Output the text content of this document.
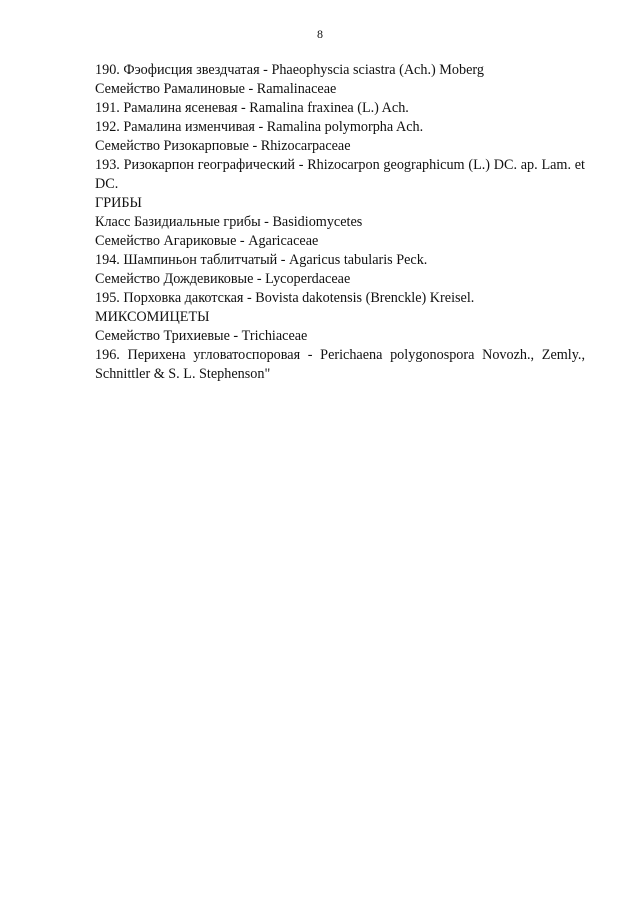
8
190. Фэофисция звездчатая - Phaeophyscia sciastra (Ach.) Moberg
Семейство Рамалиновые - Ramalinaceae
191. Рамалина ясеневая - Ramalina fraxinea (L.) Ach.
192. Рамалина изменчивая - Ramalina polymorpha Ach.
Семейство Ризокарповые - Rhizocarpaceae
193. Ризокарпон географический - Rhizocarpon geographicum (L.) DC. ap. Lam. et DC.
ГРИБЫ
Класс Базидиальные грибы - Basidiomycetes
Семейство Агариковые - Agaricaceae
194. Шампиньон таблитчатый - Agaricus tabularis Peck.
Семейство Дождевиковые - Lycoperdaceae
195. Порховка дакотская - Bovista dakotensis (Brenckle) Kreisel.
МИКСОМИЦЕТЫ
Семейство Трихиевые - Trichiaceae
196. Перихена угловатоспоровая - Perichaena polygonospora Novozh., Zemly., Schnittler & S. L. Stephenson"
